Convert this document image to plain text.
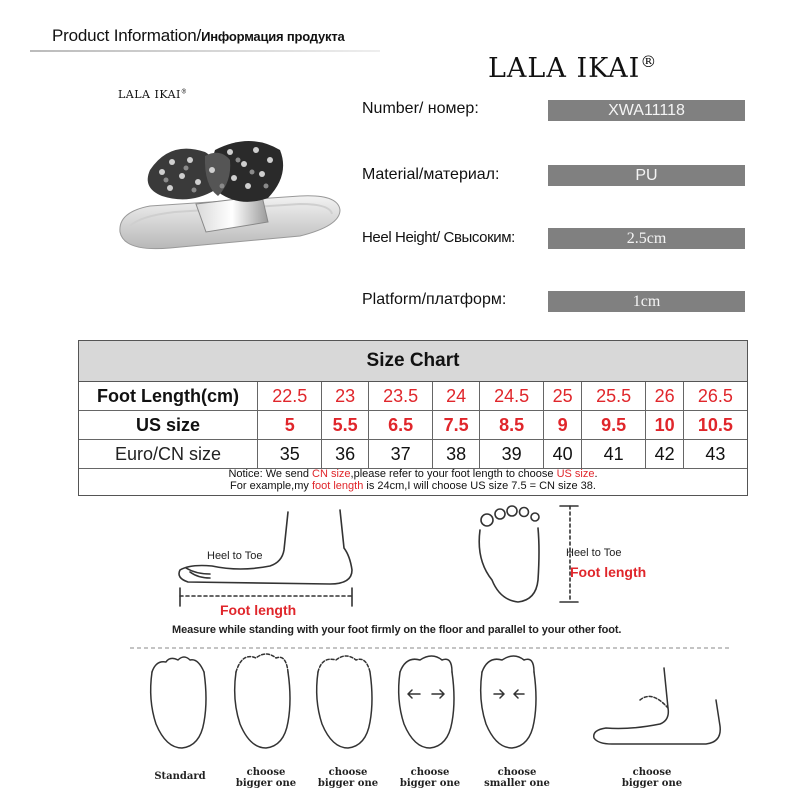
Product Information/Информация продукта
LALA IKAI®
LALA IKAI®
Number/ номер:	XWA11118
Material/материал:	PU
Heel Height/ Свысоким:	2.5cm
Platform/платформ:	1cm
Size Chart
Foot Length(cm)	22.5	23	23.5	24	24.5	25	25.5	26	26.5
US size	5	5.5	6.5	7.5	8.5	9	9.5	10	10.5
Euro/CN size	35	36	37	38	39	40	41	42	43
Notice: We send CN size,please refer to your foot length to choose US size.
For example,my foot length is 24cm,I will choose US size 7.5 = CN size 38.
Heel to Toe
Foot length
Heel to Toe
Foot length
Measure while standing with your foot firmly on the floor and parallel to your other foot.
Standard	choose
bigger one
choose
bigger one
choose
bigger one
choose
smaller one
choose
bigger one
